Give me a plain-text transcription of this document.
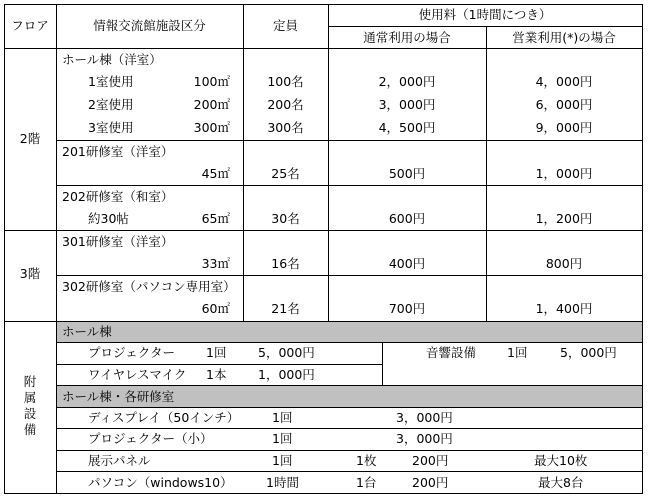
フロア	情報交流館施設区分	定員
使用料（1時間につき）
通常利用の場合	営業利用(*)の場合
2階
ホール棟（洋室）
1室使用	100㎡	100名	2，000円	4，000円
2室使用	200㎡	200名	3，000円	6，000円
3室使用	300㎡	300名	4，500円	9，000円
201研修室（洋室）
45㎡	25名	500円	1，000円
202研修室（和室）
約30帖	65㎡	30名	600円	1，200円
3階
301研修室（洋室）
33㎡	16名	400円	800円
302研修室（パソコン専用室）
60㎡	21名	700円	1，400円
附
属
設
備
ホール棟
プロジェクター 1回	5，000円	音響設備 1回	5，000円
ワイヤレスマイク 1本	1，000円
ホール棟・各研修室
ディスプレイ（50インチ）	1回	3，000円
プロジェクター（小）	1回	3，000円
展示パネル	1回	1枚	200円	最大10枚
パソコン（windows10）	1時間	1台	200円	最大8台
